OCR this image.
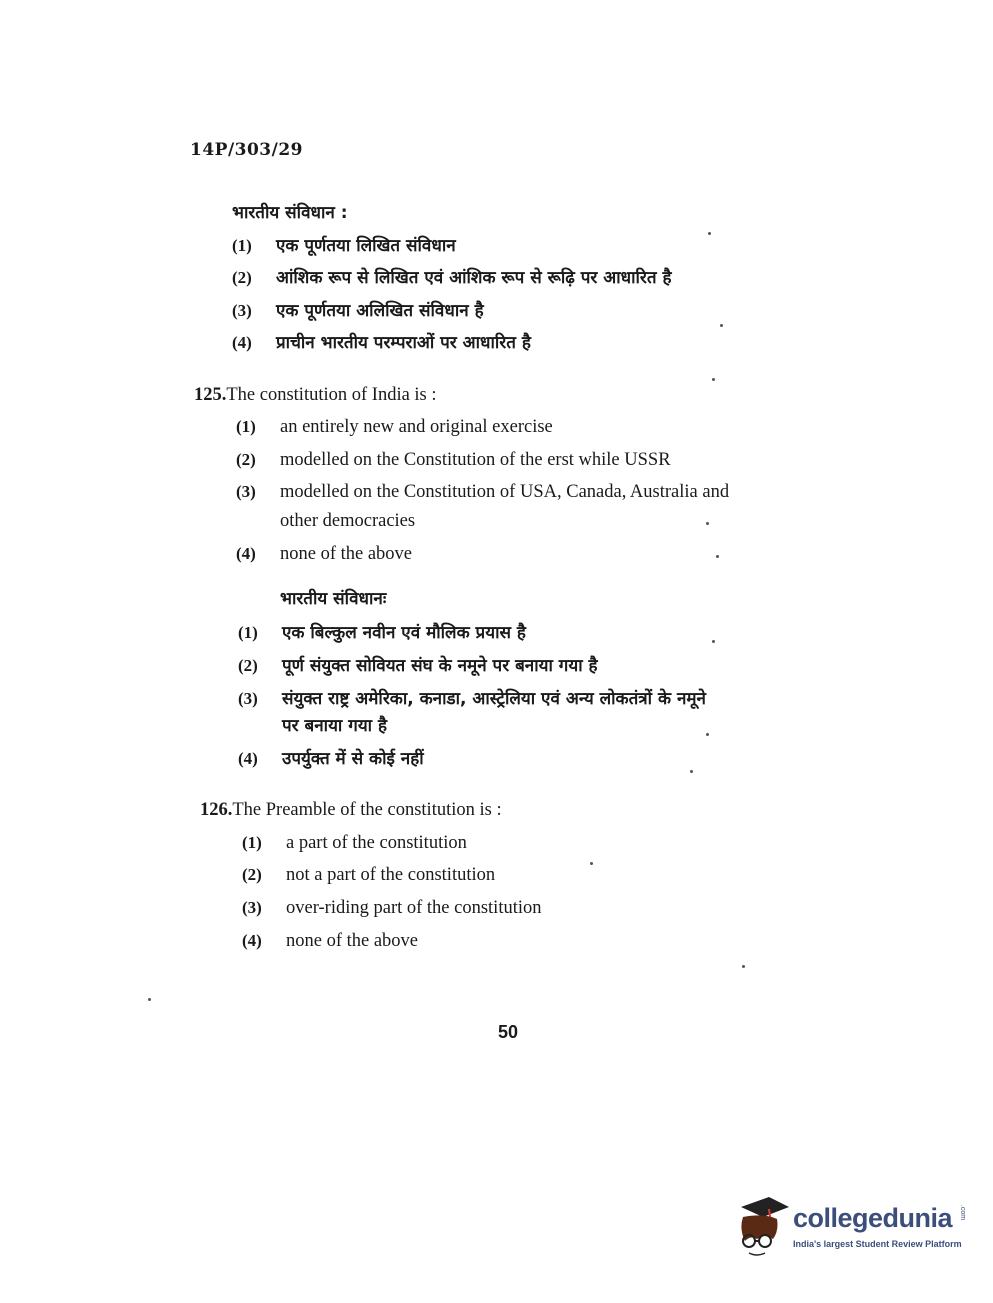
14P/303/29
भारतीय संविधान :
(1) एक पूर्णतया लिखित संविधान
(2) आंशिक रूप से लिखित एवं आंशिक रूप से रूढ़ि पर आधारित है
(3) एक पूर्णतया अलिखित संविधान है
(4) प्राचीन भारतीय परम्पराओं पर आधारित है
125.The constitution of India is :
(1) an entirely new and original exercise
(2) modelled on the Constitution of the erst while USSR
(3) modelled on the Constitution of USA, Canada, Australia and
other democracies
(4) none of the above
भारतीय संविधानः
(1) एक बिल्कुल नवीन एवं मौलिक प्रयास है
(2) पूर्ण संयुक्त सोवियत संघ के नमूने पर बनाया गया है
(3) संयुक्त राष्ट्र अमेरिका, कनाडा, आस्ट्रेलिया एवं अन्य लोकतंत्रों के नमूने
पर बनाया गया है
(4) उपर्युक्त में से कोई नहीं
126.The Preamble of the constitution is :
(1) a part of the constitution
(2) not a part of the constitution
(3) over-riding part of the constitution
(4) none of the above
50
collegedunia .com
India's largest Student Review Platform
